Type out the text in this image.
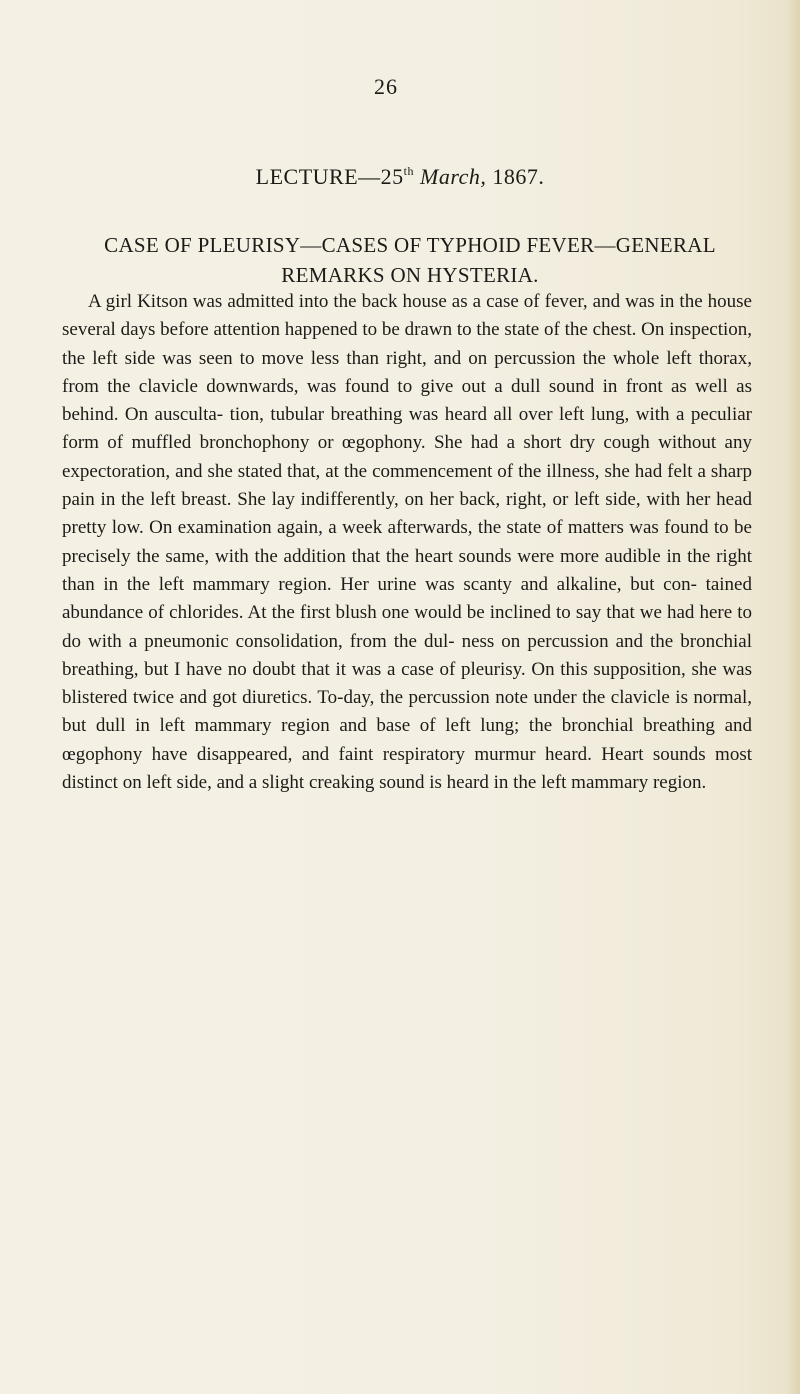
26
LECTURE—25th March, 1867.
CASE OF PLEURISY—CASES OF TYPHOID FEVER—GENERAL REMARKS ON HYSTERIA.

A girl Kitson was admitted into the back house as a case of fever, and was in the house several days before attention happened to be drawn to the state of the chest. On inspection, the left side was seen to move less than right, and on percussion the whole left thorax, from the clavicle downwards, was found to give out a dull sound in front as well as behind. On ausculta- tion, tubular breathing was heard all over left lung, with a peculiar form of muffled bronchophony or œgophony. She had a short dry cough without any expectoration, and she stated that, at the commencement of the illness, she had felt a sharp pain in the left breast. She lay indifferently, on her back, right, or left side, with her head pretty low. On examination again, a week afterwards, the state of matters was found to be precisely the same, with the addition that the heart sounds were more audible in the right than in the left mammary region. Her urine was scanty and alkaline, but con- tained abundance of chlorides. At the first blush one would be inclined to say that we had here to do with a pneumonic consolidation, from the dul- ness on percussion and the bronchial breathing, but I have no doubt that it was a case of pleurisy. On this supposition, she was blistered twice and got diuretics. To-day, the percussion note under the clavicle is normal, but dull in left mammary region and base of left lung; the bronchial breathing and œgophony have disappeared, and faint respiratory murmur heard. Heart sounds most distinct on left side, and a slight creaking sound is heard in the left mammary region.
